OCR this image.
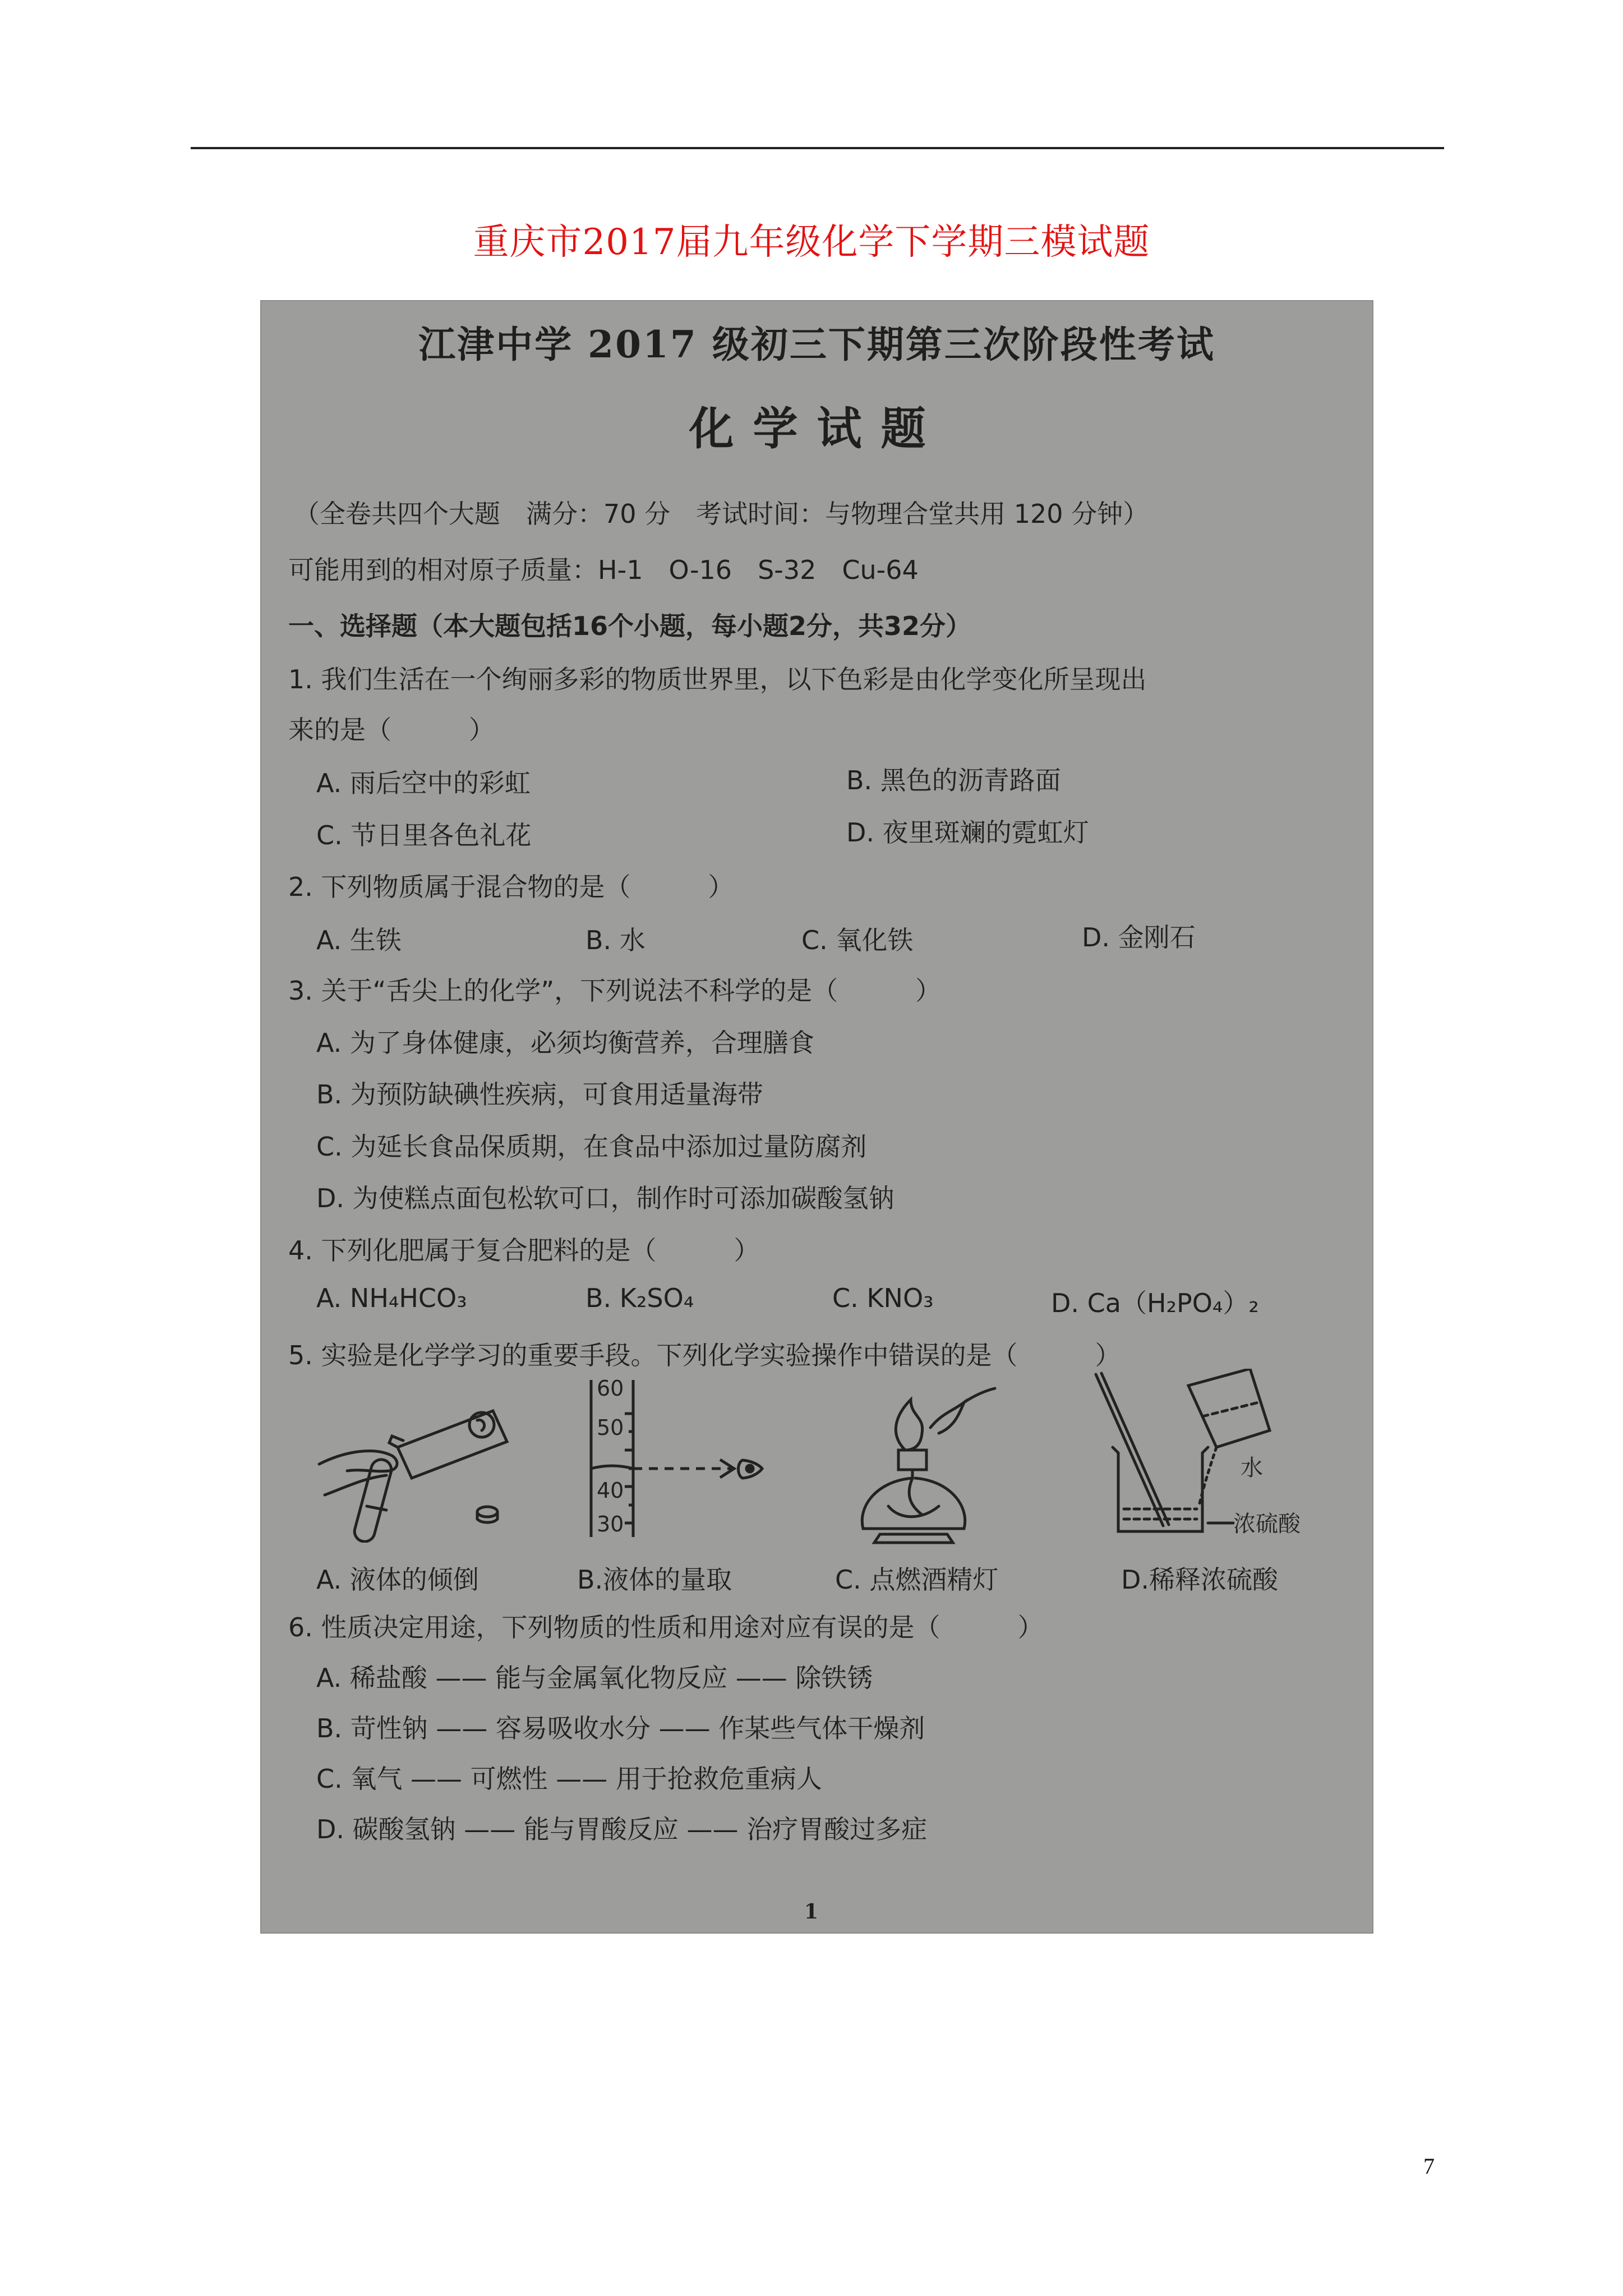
重庆市2017届九年级化学下学期三模试题
江津中学 2017 级初三下期第三次阶段性考试
化学试题
（全卷共四个大题　满分：70 分　考试时间：与物理合堂共用 120 分钟）
可能用到的相对原子质量：H-1　O-16　S-32　Cu-64
一、选择题（本大题包括16个小题，每小题2分，共32分）
1. 我们生活在一个绚丽多彩的物质世界里，以下色彩是由化学变化所呈现出
来的是（　　　）
A. 雨后空中的彩虹	B. 黑色的沥青路面
C. 节日里各色礼花	D. 夜里斑斓的霓虹灯
2. 下列物质属于混合物的是（　　　）
A. 生铁	B. 水	C. 氧化铁	D. 金刚石
3. 关于“舌尖上的化学”，下列说法不科学的是（　　　）
A. 为了身体健康，必须均衡营养，合理膳食
B. 为预防缺碘性疾病，可食用适量海带
C. 为延长食品保质期，在食品中添加过量防腐剂
D. 为使糕点面包松软可口，制作时可添加碳酸氢钠
4. 下列化肥属于复合肥料的是（　　　）
A. NH₄HCO₃	B. K₂SO₄	C. KNO₃	D. Ca（H₂PO₄）₂
5. 实验是化学学习的重要手段。下列化学实验操作中错误的是（　　　）
60
50
40
30
水
浓硫酸
A. 液体的倾倒	B.液体的量取	C. 点燃酒精灯	D.稀释浓硫酸
6. 性质决定用途，下列物质的性质和用途对应有误的是（　　　）
A. 稀盐酸 —— 能与金属氧化物反应 —— 除铁锈
B. 苛性钠 —— 容易吸收水分 —— 作某些气体干燥剂
C. 氧气 —— 可燃性 —— 用于抢救危重病人
D. 碳酸氢钠 —— 能与胃酸反应 —— 治疗胃酸过多症
1
7
